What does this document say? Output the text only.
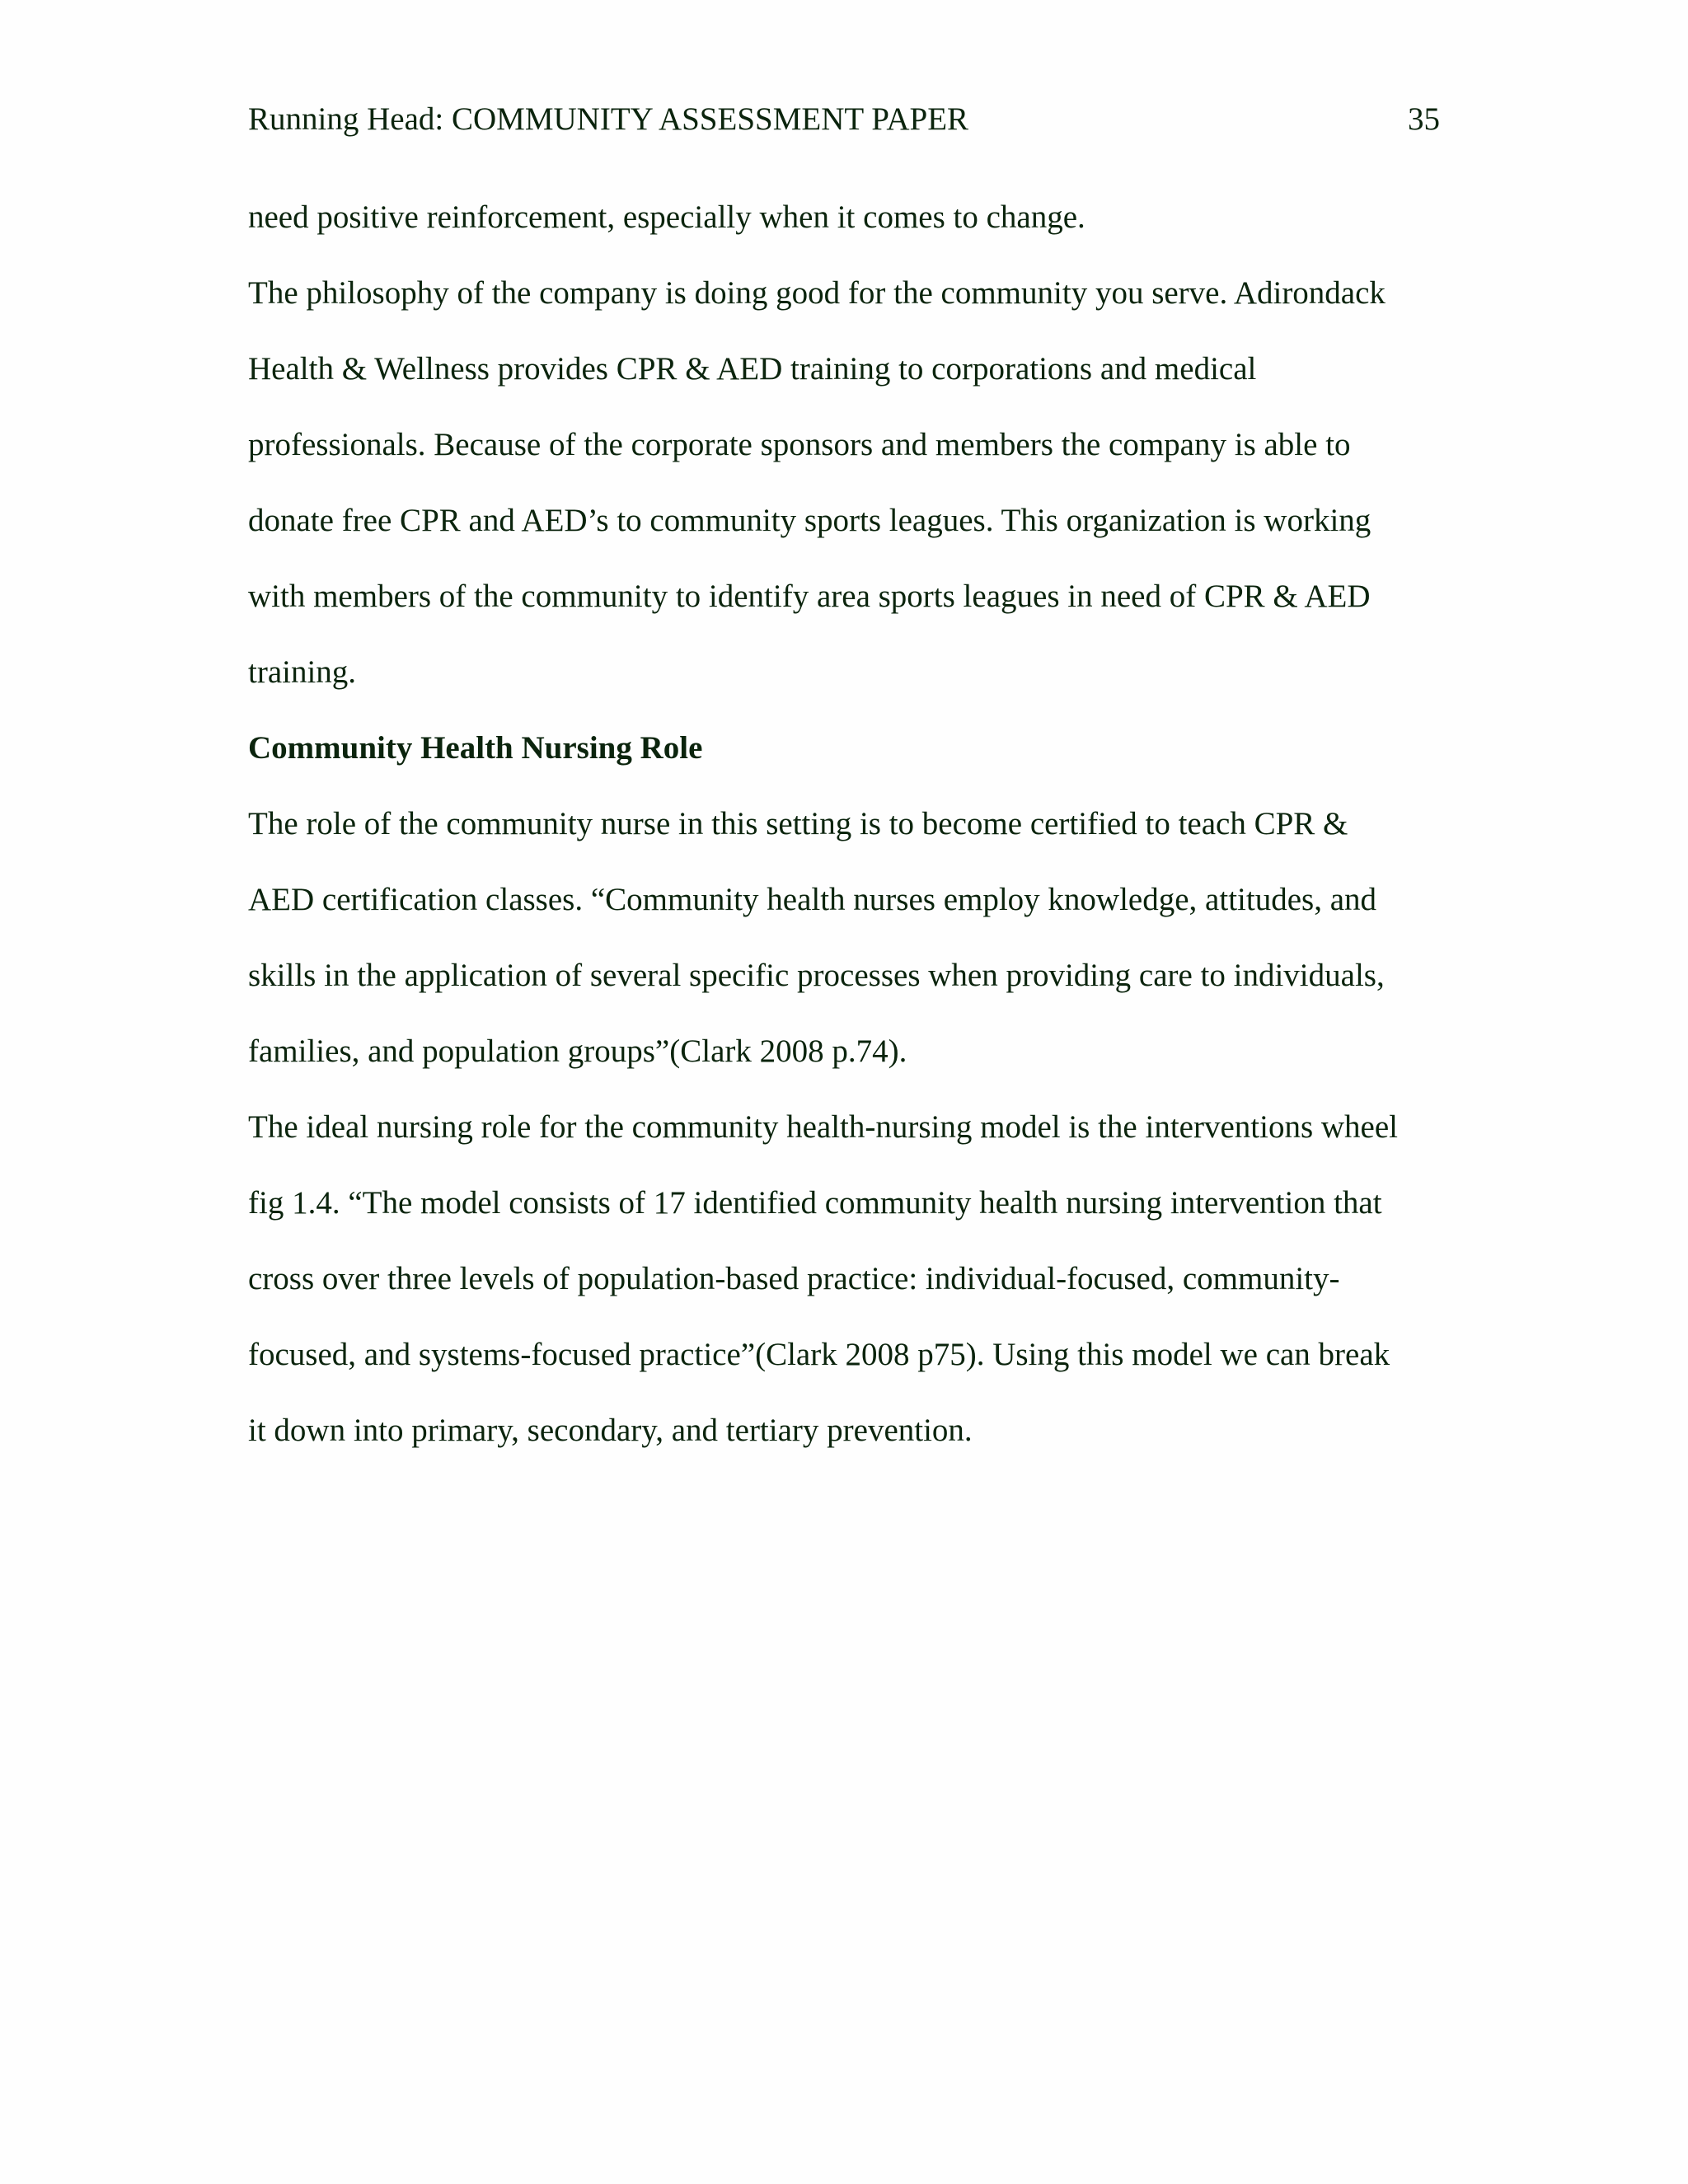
Running Head: COMMUNITY ASSESSMENT PAPER	35
need positive reinforcement, especially when it comes to change.
The philosophy of the company is doing good for the community you serve. Adirondack
Health & Wellness provides CPR & AED training to corporations and medical
professionals. Because of the corporate sponsors and members the company is able to
donate free CPR and AED’s to community sports leagues. This organization is working
with members of the community to identify area sports leagues in need of CPR & AED
training.
Community Health Nursing Role
The role of the community nurse in this setting is to become certified to teach CPR &
AED certification classes. “Community health nurses employ knowledge, attitudes, and
skills in the application of several specific processes when providing care to individuals,
families, and population groups”(Clark 2008 p.74).
The ideal nursing role for the community health-nursing model is the interventions wheel
fig 1.4. “The model consists of 17 identified community health nursing intervention that
cross over three levels of population-based practice: individual-focused, community-
focused, and systems-focused practice”(Clark 2008 p75). Using this model we can break
it down into primary, secondary, and tertiary prevention.
